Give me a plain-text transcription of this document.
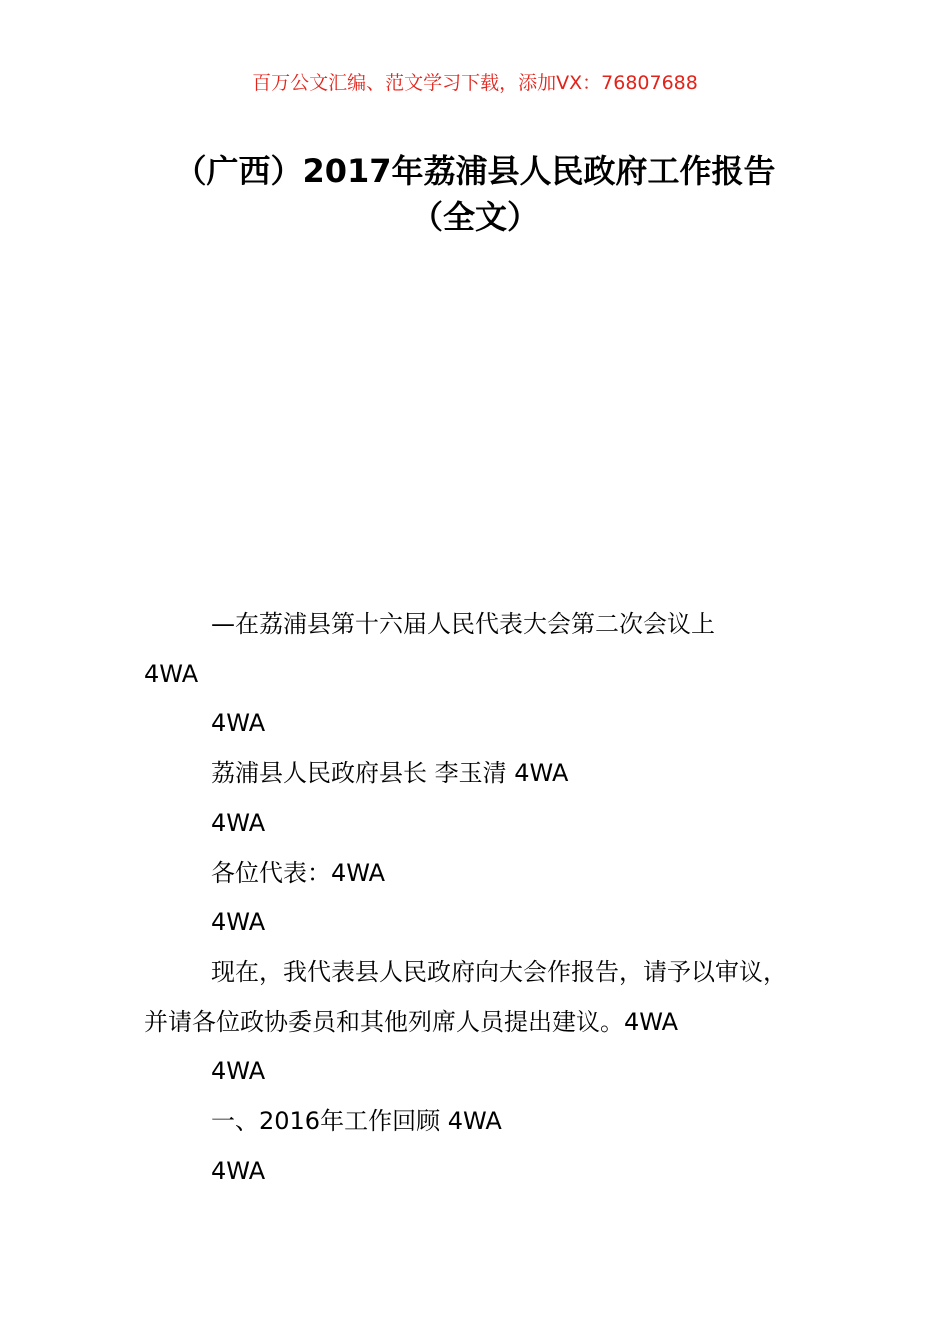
百万公文汇编、范文学习下载，添加VX：76807688
（广西）2017年荔浦县人民政府工作报告
（全文）
—在荔浦县第十六届人民代表大会第二次会议上
4WA
4WA
荔浦县人民政府县长 李玉清 4WA
4WA
各位代表：4WA
4WA
现在，我代表县人民政府向大会作报告，请予以审议，
并请各位政协委员和其他列席人员提出建议。4WA
4WA
一、2016年工作回顾 4WA
4WA
